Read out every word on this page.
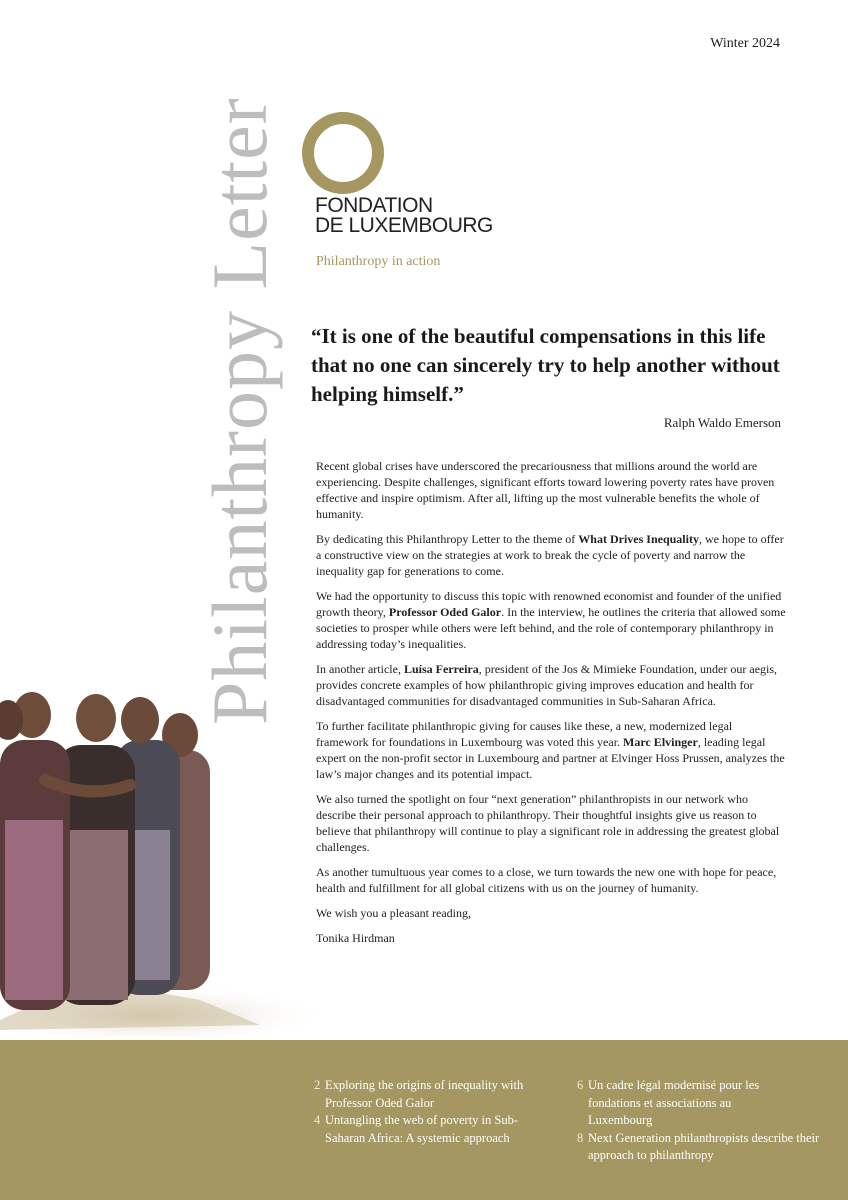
Winter 2024
Philanthropy Letter FONDATION
DE LUXEMBOURG
Philanthropy in action
“It is one of the beautiful compensations in this life that no one can sincerely try to help another without helping himself.”
Ralph Waldo Emerson

Recent global crises have underscored the precariousness that millions around the world are experiencing. Despite challenges, significant efforts toward lowering poverty rates have proven effective and inspire optimism. After all, lifting up the most vulnerable benefits the whole of humanity.

By dedicating this Philanthropy Letter to the theme of What Drives Inequality, we hope to offer a constructive view on the strategies at work to break the cycle of poverty and narrow the inequality gap for generations to come.

We had the opportunity to discuss this topic with renowned economist and founder of the unified growth theory, Professor Oded Galor. In the interview, he outlines the criteria that allowed some societies to prosper while others were left behind, and the role of contemporary philanthropy in addressing today’s inequalities.

In another article, Luísa Ferreira, president of the Jos & Mimieke Foundation, under our aegis, provides concrete examples of how philanthropic giving improves education and health for disadvantaged communities for disadvantaged communities in Sub-Saharan Africa.

To further facilitate philanthropic giving for causes like these, a new, modernized legal framework for foundations in Luxembourg was voted this year. Marc Elvinger, leading legal expert on the non-profit sector in Luxembourg and partner at Elvinger Hoss Prussen, analyzes the law’s major changes and its potential impact.

We also turned the spotlight on four “next generation” philanthropists in our network who describe their personal approach to philanthropy. Their thoughtful insights give us reason to believe that philanthropy will continue to play a significant role in addressing the greatest global challenges.

As another tumultuous year comes to a close, we turn towards the new one with hope for peace, health and fulfillment for all global citizens with us on the journey of humanity.

We wish you a pleasant reading,

Tonika Hirdman

2 Exploring the origins of inequality with Professor Oded Galor
4 Untangling the web of poverty in Sub-Saharan Africa: A systemic approach
6 Un cadre légal modernisé pour les fondations et associations au Luxembourg
8 Next Generation philanthropists describe their approach to philanthropy
